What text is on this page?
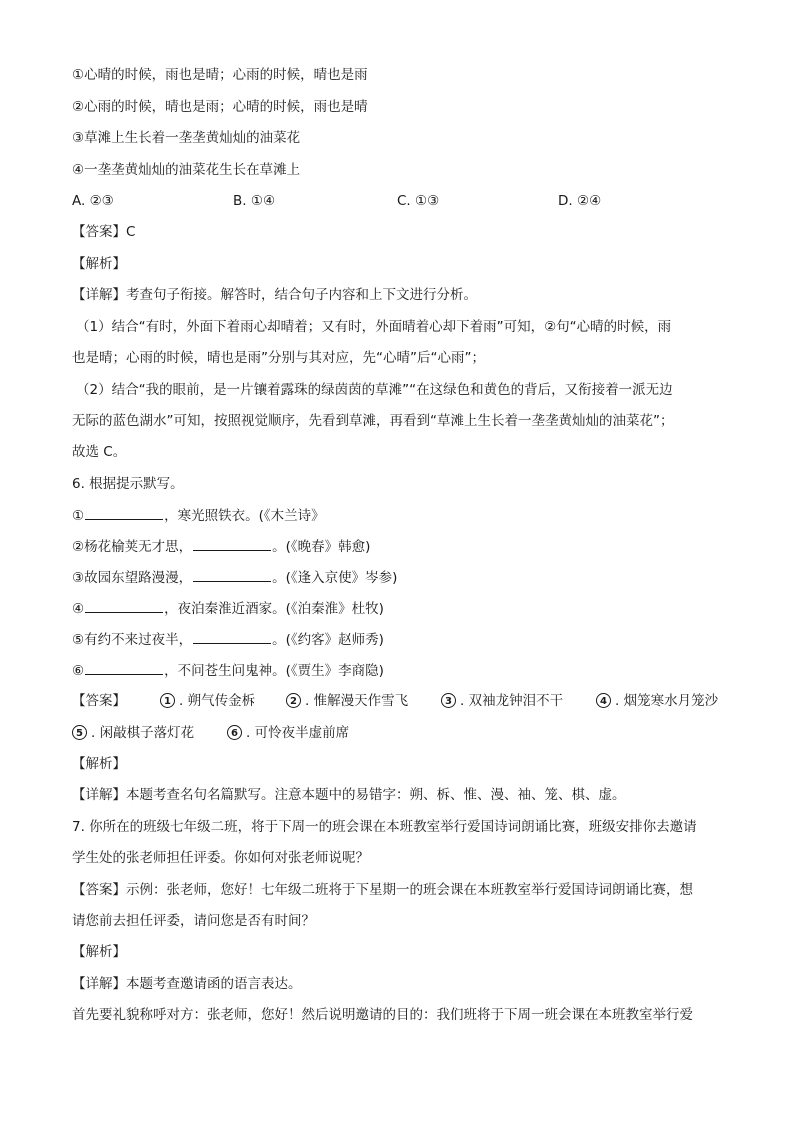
①心晴的时候，雨也是晴；心雨的时候，晴也是雨
②心雨的时候，晴也是雨；心晴的时候，雨也是晴
③草滩上生长着一垄垄黄灿灿的油菜花
④一垄垄黄灿灿的油菜花生长在草滩上
A. ②③	B. ①④	C. ①③	D. ②④
【答案】C
【解析】
【详解】考查句子衔接。解答时，结合句子内容和上下文进行分析。
（1）结合“有时，外面下着雨心却晴着；又有时，外面晴着心却下着雨”可知，②句“心晴的时候，雨
也是晴；心雨的时候，晴也是雨”分别与其对应，先“心晴”后“心雨”；
（2）结合“我的眼前，是一片镶着露珠的绿茵茵的草滩”“在这绿色和黄色的背后，又衔接着一派无边
无际的蓝色湖水”可知，按照视觉顺序，先看到草滩，再看到“草滩上生长着一垄垄黄灿灿的油菜花”；
故选 C。
6. 根据提示默写。
①	，寒光照铁衣。(《木兰诗》
②杨花榆荚无才思，	。(《晚春》韩愈)
③故园东望路漫漫，	。(《逢入京使》岑参)
④	，夜泊秦淮近酒家。(《泊秦淮》杜牧)
⑤有约不来过夜半，	。(《约客》赵师秀)
⑥	，不问苍生问鬼神。(《贾生》李商隐)
【答案】	1 . 朔气传金柝	2 . 惟解漫天作雪飞	3 . 双袖龙钟泪不干	4 . 烟笼寒水月笼沙
5 . 闲敲棋子落灯花	6 . 可怜夜半虚前席
【解析】
【详解】本题考查名句名篇默写。注意本题中的易错字：朔、柝、惟、漫、袖、笼、棋、虚。
7. 你所在的班级七年级二班，将于下周一的班会课在本班教室举行爱国诗词朗诵比赛，班级安排你去邀请
学生处的张老师担任评委。你如何对张老师说呢？
【答案】示例：张老师，您好！七年级二班将于下星期一的班会课在本班教室举行爱国诗词朗诵比赛，想
请您前去担任评委，请问您是否有时间？
【解析】
【详解】本题考查邀请函的语言表达。
首先要礼貌称呼对方：张老师，您好！然后说明邀请的目的：我们班将于下周一班会课在本班教室举行爱
